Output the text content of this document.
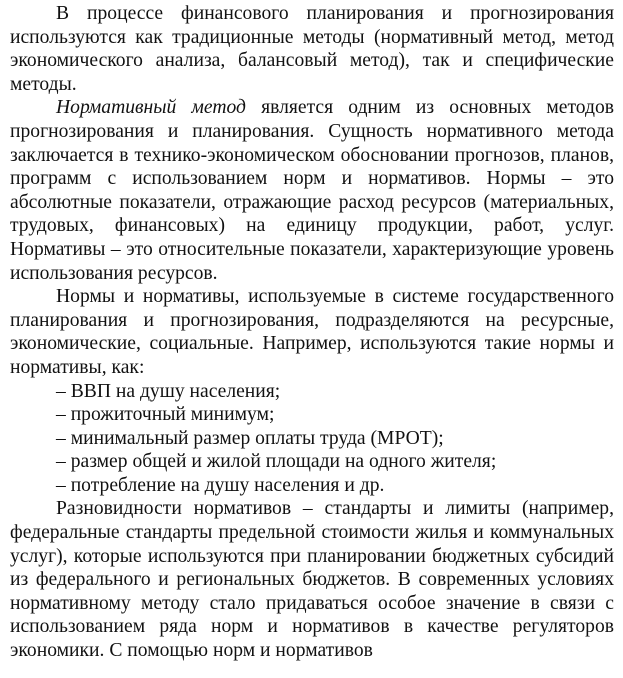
В процессе финансового планирования и прогнозирования используются как традиционные методы (нормативный метод, метод экономического анализа, балансовый метод), так и специфические методы.

Нормативный метод является одним из основных методов прогнозирования и планирования. Сущность нормативного метода заключается в технико-экономическом обосновании прогнозов, планов, программ с использованием норм и нормативов. Нормы – это абсолютные показатели, отражающие расход ресурсов (материальных, трудовых, финансовых) на единицу продукции, работ, услуг. Нормативы – это относительные показатели, характеризующие уровень использования ресурсов.

Нормы и нормативы, используемые в системе государственного планирования и прогнозирования, подразделяются на ресурсные, экономические, социальные. Например, используются такие нормы и нормативы, как:

– ВВП на душу населения;
– прожиточный минимум;
– минимальный размер оплаты труда (МРОТ);
– размер общей и жилой площади на одного жителя;
– потребление на душу населения и др.

Разновидности нормативов – стандарты и лимиты (например, федеральные стандарты предельной стоимости жилья и коммунальных услуг), которые используются при планировании бюджетных субсидий из федерального и региональных бюджетов. В современных условиях нормативному методу стало придаваться особое значение в связи с использованием ряда норм и нормативов в качестве регуляторов экономики. С помощью норм и нормативов
